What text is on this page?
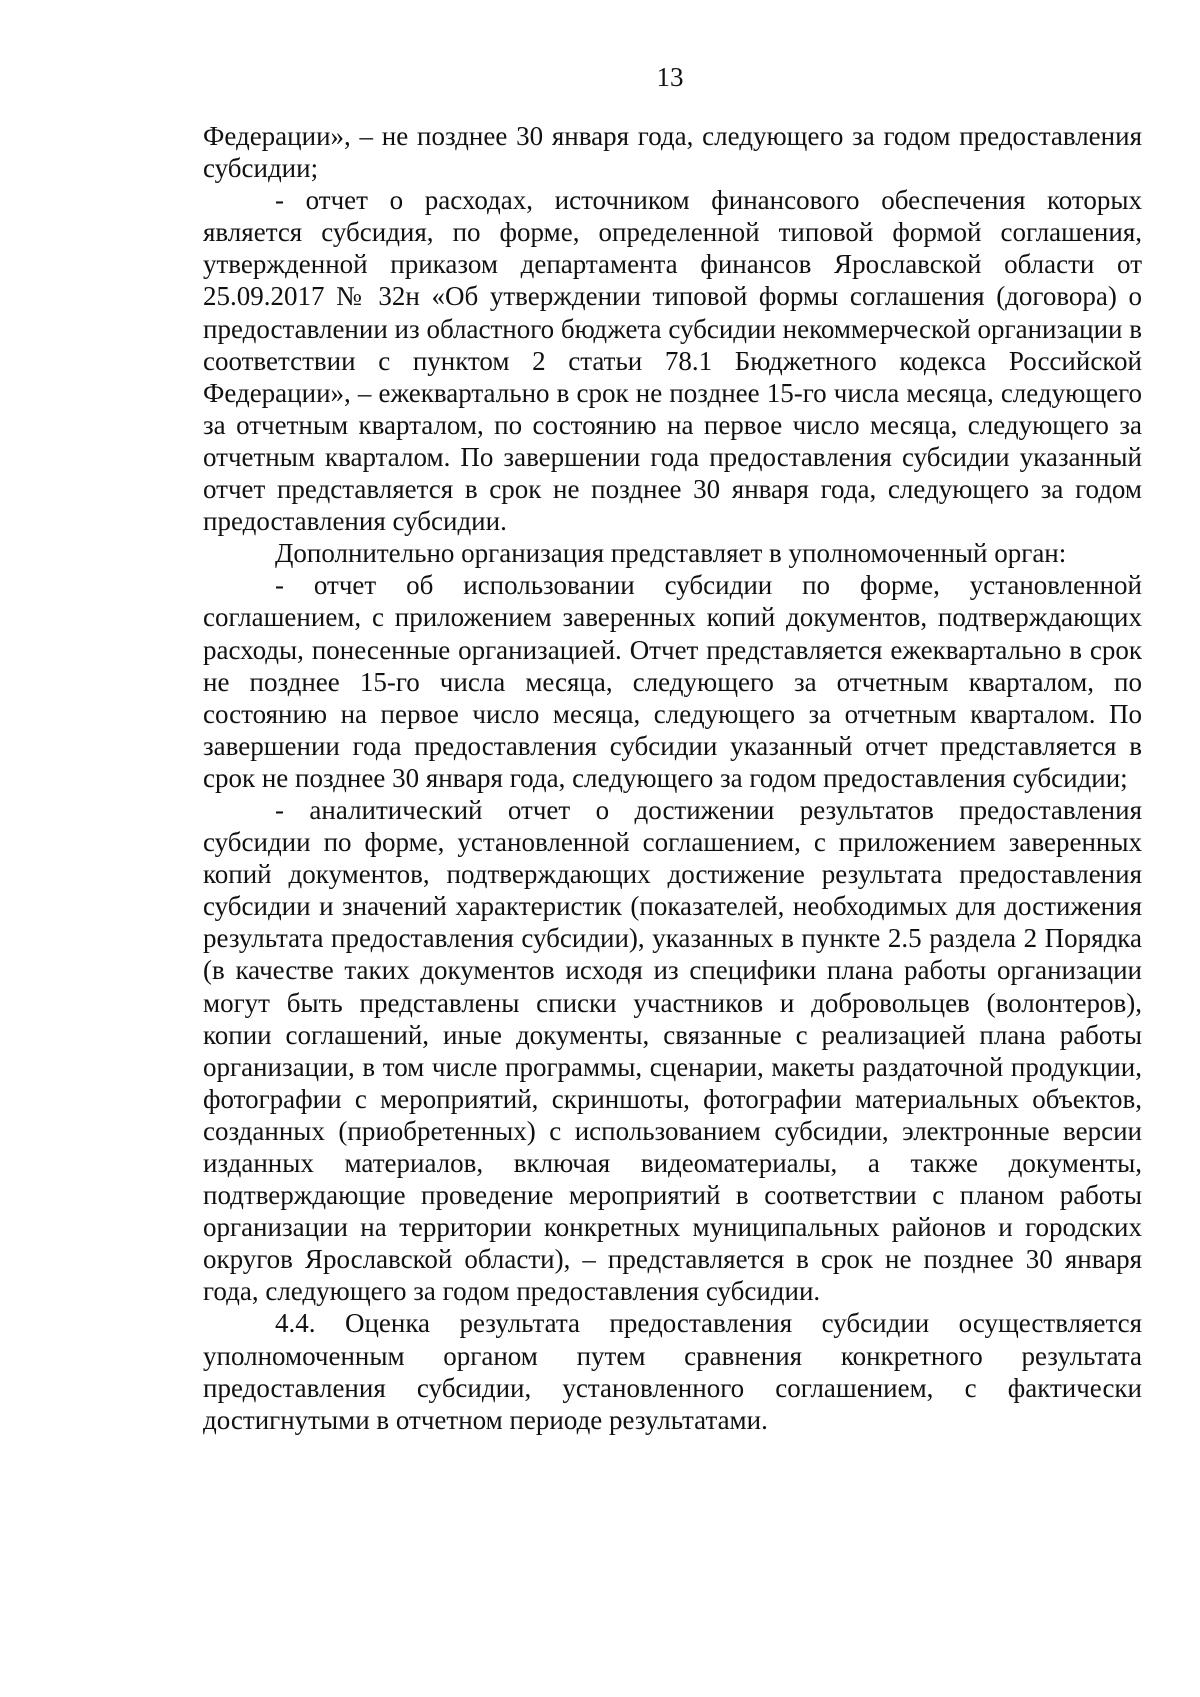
13

Федерации», – не позднее 30 января года, следующего за годом предоставления субсидии;

- отчет о расходах, источником финансового обеспечения которых является субсидия, по форме, определенной типовой формой соглашения, утвержденной приказом департамента финансов Ярославской области от 25.09.2017 № 32н «Об утверждении типовой формы соглашения (договора) о предоставлении из областного бюджета субсидии некоммерческой организации в соответствии с пунктом 2 статьи 78.1 Бюджетного кодекса Российской Федерации», – ежеквартально в срок не позднее 15-го числа месяца, следующего за отчетным кварталом, по состоянию на первое число месяца, следующего за отчетным кварталом. По завершении года предоставления субсидии указанный отчет представляется в срок не позднее 30 января года, следующего за годом предоставления субсидии.

Дополнительно организация представляет в уполномоченный орган:

- отчет об использовании субсидии по форме, установленной соглашением, с приложением заверенных копий документов, подтверждающих расходы, понесенные организацией. Отчет представляется ежеквартально в срок не позднее 15-го числа месяца, следующего за отчетным кварталом, по состоянию на первое число месяца, следующего за отчетным кварталом. По завершении года предоставления субсидии указанный отчет представляется в срок не позднее 30 января года, следующего за годом предоставления субсидии;

- аналитический отчет о достижении результатов предоставления субсидии по форме, установленной соглашением, с приложением заверенных копий документов, подтверждающих достижение результата предоставления субсидии и значений характеристик (показателей, необходимых для достижения результата предоставления субсидии), указанных в пункте 2.5 раздела 2 Порядка (в качестве таких документов исходя из специфики плана работы организации могут быть представлены списки участников и добровольцев (волонтеров), копии соглашений, иные документы, связанные с реализацией плана работы организации, в том числе программы, сценарии, макеты раздаточной продукции, фотографии с мероприятий, скриншоты, фотографии материальных объектов, созданных (приобретенных) с использованием субсидии, электронные версии изданных материалов, включая видеоматериалы, а также документы, подтверждающие проведение мероприятий в соответствии с планом работы организации на территории конкретных муниципальных районов и городских округов Ярославской области), – представляется в срок не позднее 30 января года, следующего за годом предоставления субсидии.

4.4. Оценка результата предоставления субсидии осуществляется уполномоченным органом путем сравнения конкретного результата предоставления субсидии, установленного соглашением, с фактически достигнутыми в отчетном периоде результатами.
